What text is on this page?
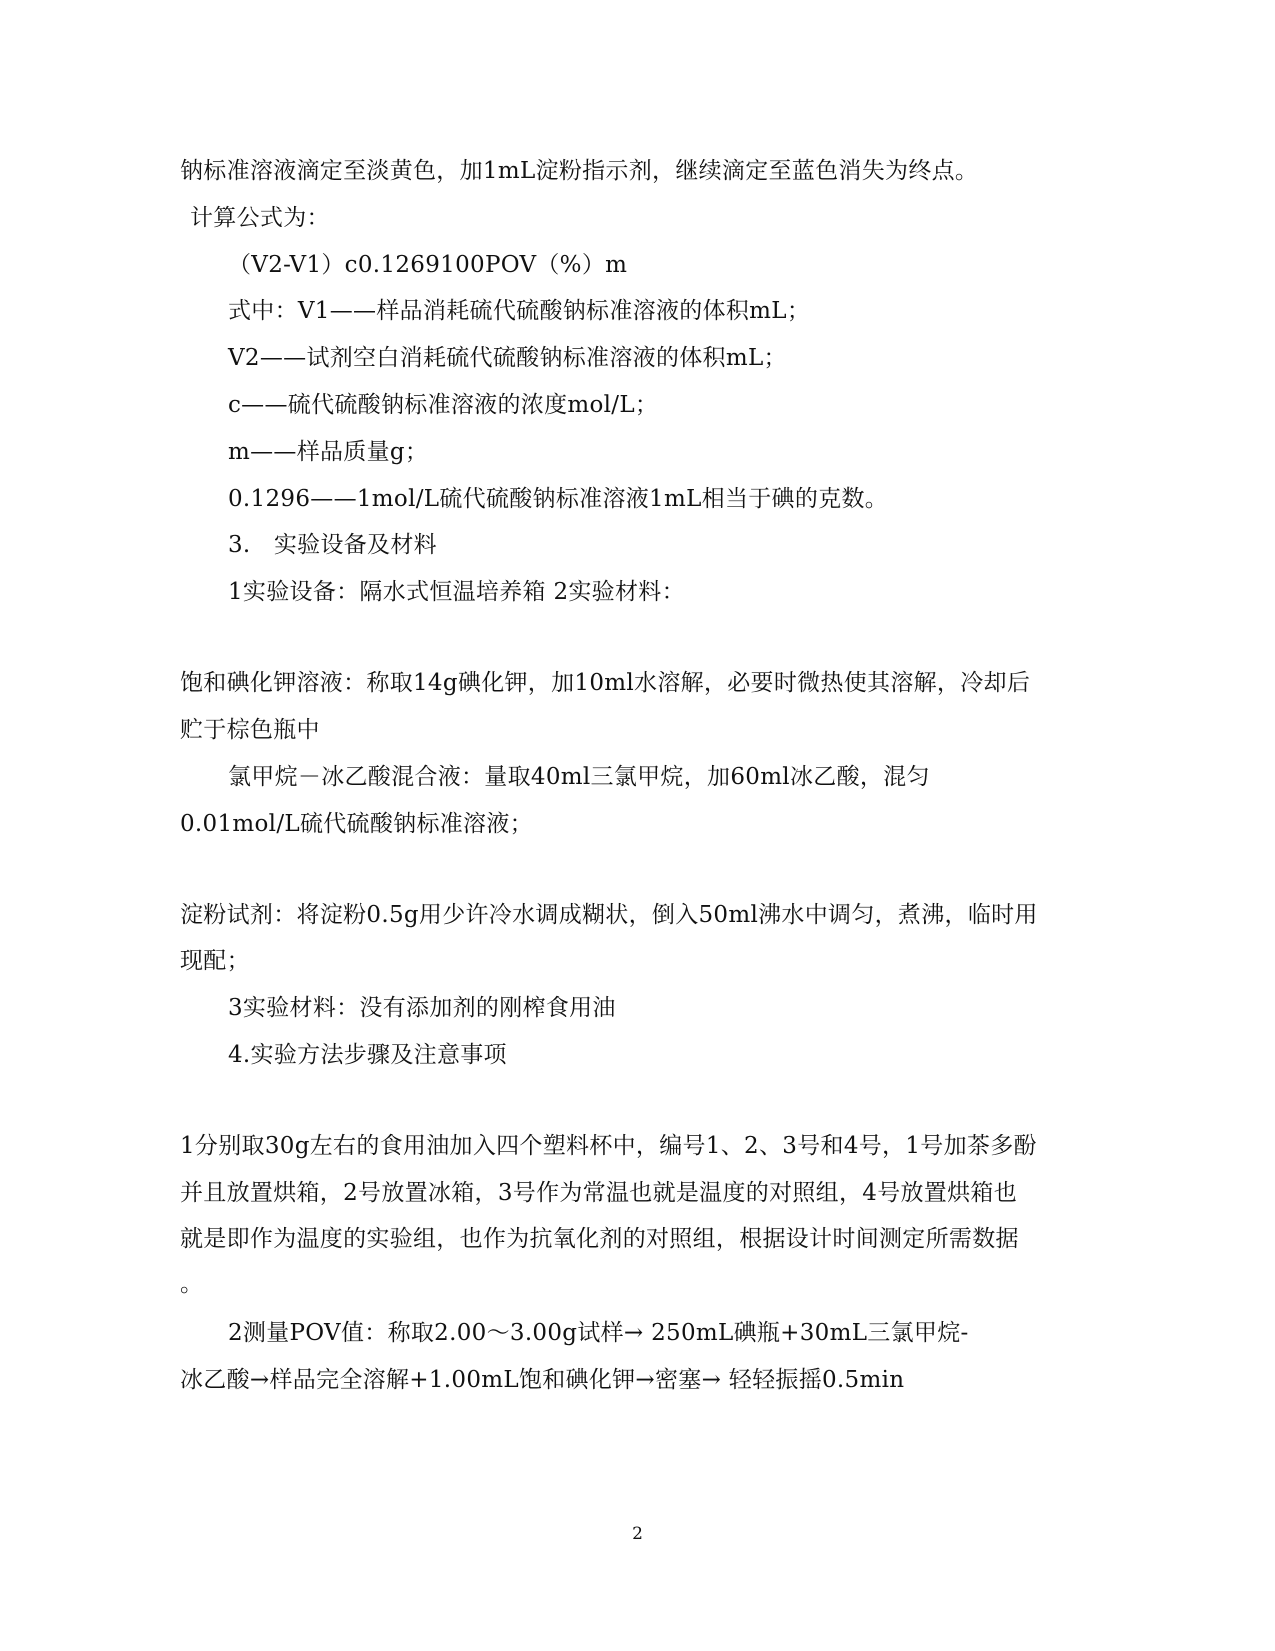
钠标准溶液滴定至淡黄色，加1mL淀粉指示剂，继续滴定至蓝色消失为终点。
计算公式为：
（V2-V1）c0.1269100POV（%）m
式中：V1——样品消耗硫代硫酸钠标准溶液的体积mL；
V2——试剂空白消耗硫代硫酸钠标准溶液的体积mL；
c——硫代硫酸钠标准溶液的浓度mol/L；
m——样品质量g；
0.1296——1mol/L硫代硫酸钠标准溶液1mL相当于碘的克数。
3.　实验设备及材料
1实验设备：隔水式恒温培养箱 2实验材料：
饱和碘化钾溶液：称取14g碘化钾，加10ml水溶解，必要时微热使其溶解，冷却后
贮于棕色瓶中
氯甲烷－冰乙酸混合液：量取40ml三氯甲烷，加60ml冰乙酸，混匀
0.01mol/L硫代硫酸钠标准溶液；
淀粉试剂：将淀粉0.5g用少许冷水调成糊状，倒入50ml沸水中调匀，煮沸，临时用
现配；
3实验材料：没有添加剂的刚榨食用油
4.实验方法步骤及注意事项
1分别取30g左右的食用油加入四个塑料杯中，编号1、2、3号和4号，1号加茶多酚
并且放置烘箱，2号放置冰箱，3号作为常温也就是温度的对照组，4号放置烘箱也
就是即作为温度的实验组，也作为抗氧化剂的对照组，根据设计时间测定所需数据
。
2测量POV值：称取2.00～3.00g试样→ 250mL碘瓶+30mL三氯甲烷-
冰乙酸→样品完全溶解+1.00mL饱和碘化钾→密塞→ 轻轻振摇0.5min
2
